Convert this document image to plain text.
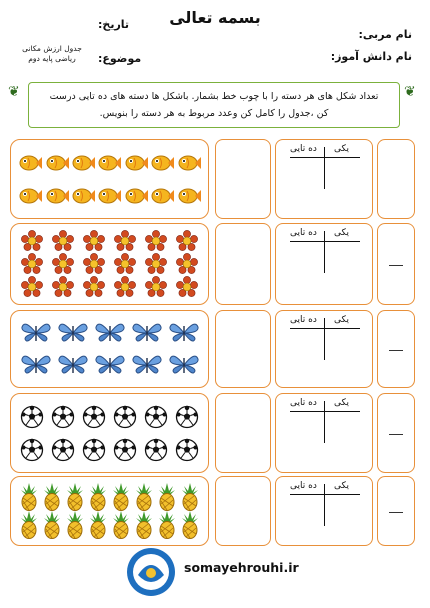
بسمه تعالی
نام مربی:
نام دانش آموز:
تاریخ:
موضوع:
جدول ارزش مکانی
ریاضی پایه دوم
❦	❦
تعداد شکل های هر دسته را با چوب خط بشمار. باشکل ها دسته های ده تایی درست
کن ،جدول را کامل کن وعدد مربوط به هر دسته را بنویس.
یکی
ده تایی
یکی
ده تایی
یکی
ده تایی
یکی
ده تایی
یکی
ده تایی
somayehrouhi.ir
